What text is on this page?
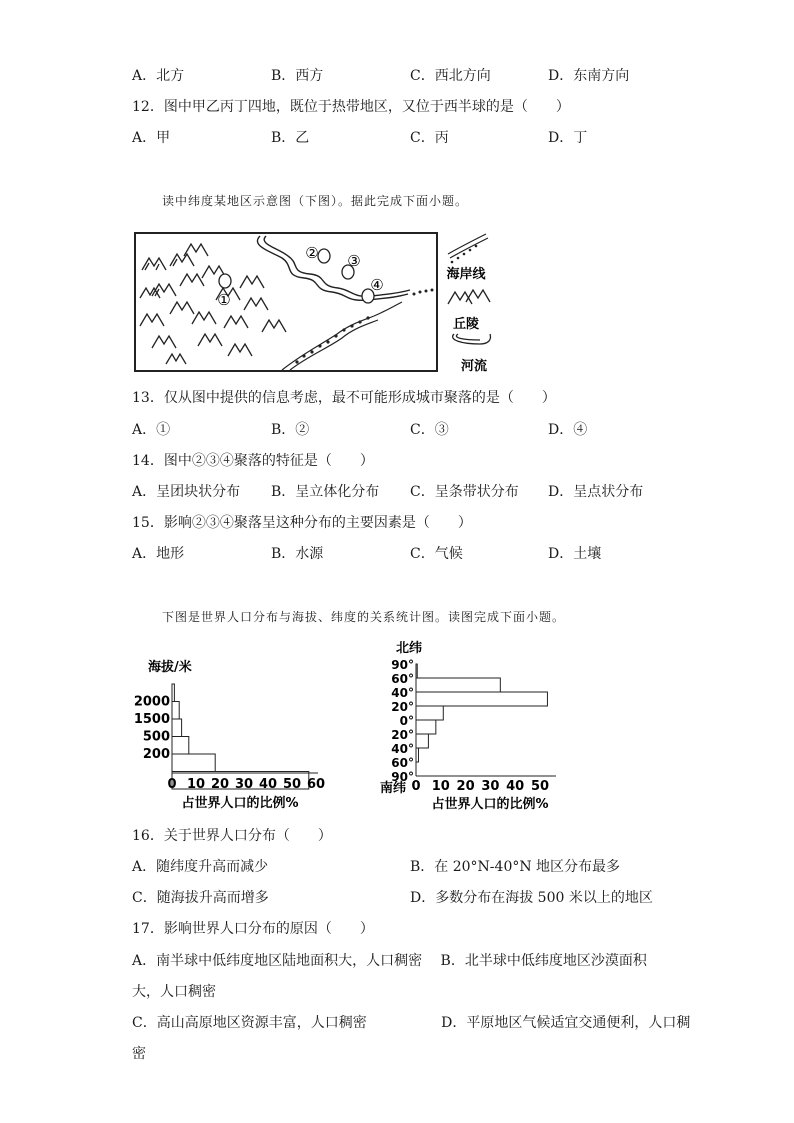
A．北方	B．西方	C．西北方向	D．东南方向
12．图中甲乙丙丁四地，既位于热带地区，又位于西半球的是（　　）
A．甲	B．乙	C．丙	D．丁
读中纬度某地区示意图（下图）。据此完成下面小题。
①
② ③
④
海岸线
丘陵
河流
13．仅从图中提供的信息考虑，最不可能形成城市聚落的是（　　）
A．①	B．②	C．③	D．④
14．图中②③④聚落的特征是（　　）
A．呈团块状分布 B．呈立体化分布 C．呈条带状分布 D．呈点状分布
15．影响②③④聚落呈这种分布的主要因素是（　　）
A．地形	B．水源	C．气候	D．土壤
下图是世界人口分布与海拔、纬度的关系统计图。读图完成下面小题。
海拔/米
2000
1500
500
200
0 10 20 30 40 50 60
占世界人口的比例%
北纬
90°
60°
40°
20°
0°
20°
40°
60°
90°
0 10 20 30 40 50
南纬
占世界人口的比例%
16．关于世界人口分布（　　）
A．随纬度升高而减少	B．在 20°N-40°N 地区分布最多
C．随海拔升高而增多	D．多数分布在海拔 500 米以上的地区
17．影响世界人口分布的原因（　　）
A．南半球中低纬度地区陆地面积大，人口稠密　 B．北半球中低纬度地区沙漠面积
大，人口稠密
C．高山高原地区资源丰富，人口稠密　　　　　 D．平原地区气候适宜交通便利，人口稠
密
